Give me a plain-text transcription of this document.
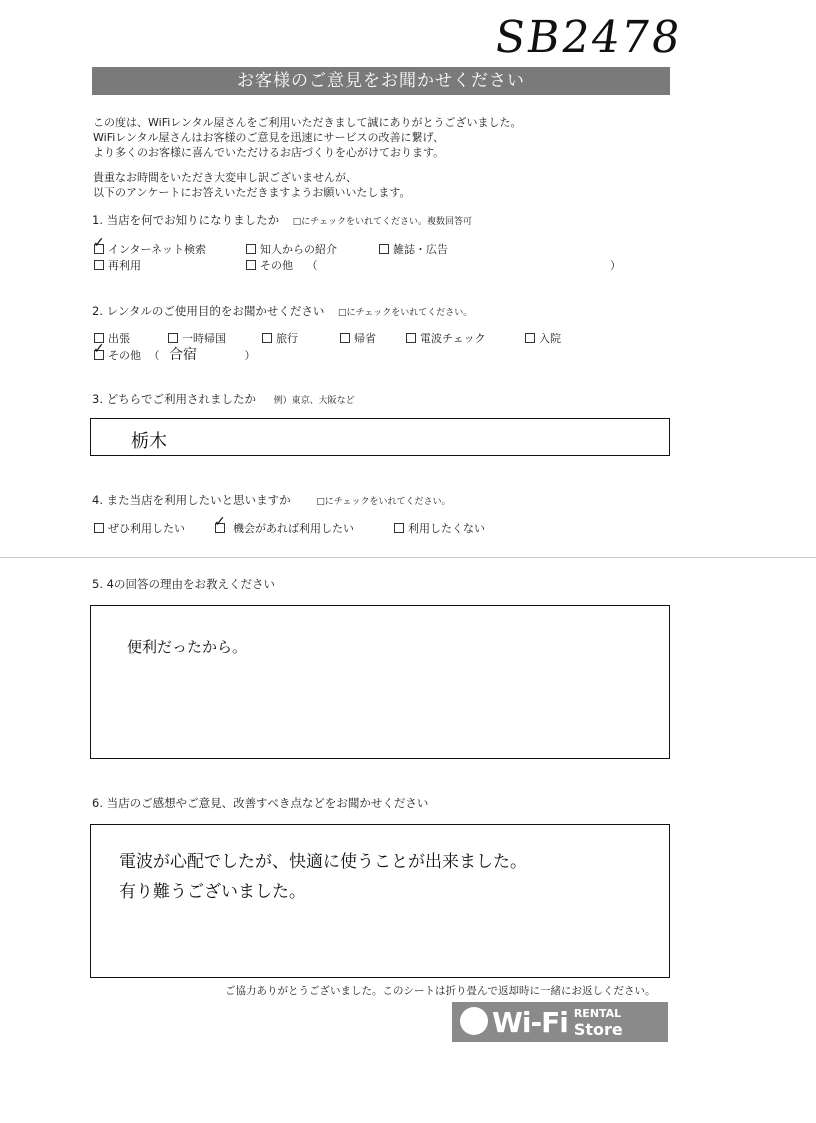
SB2478
お客様のご意見をお聞かせください
この度は、WiFiレンタル屋さんをご利用いただきまして誠にありがとうございました。
WiFiレンタル屋さんはお客様のご意見を迅速にサービスの改善に繋げ、
より多くのお客様に喜んでいただけるお店づくりを心がけております。
貴重なお時間をいただき大変申し訳ございませんが、
以下のアンケートにお答えいただきますようお願いいたします。
1. 当店を何でお知りになりましたか □にチェックをいれてください。複数回答可
✓ インターネット検索	知人からの紹介	雑誌・広告
再利用	その他 （	）
2. レンタルのご使用目的をお聞かせください □にチェックをいれてください。
出張	一時帰国	旅行	帰省	電波チェック	入院
✓ その他 （ 合宿	）
3. どちらでご利用されましたか 例）東京、大阪など
栃木
4. また当店を利用したいと思いますか	□にチェックをいれてください。
ぜひ利用したい ✓ 機会があれば利用したい	利用したくない
5. 4の回答の理由をお教えください
便利だったから。
6. 当店のご感想やご意見、改善すべき点などをお聞かせください
電波が心配でしたが、快適に使うことが出来ました。
有り難うございました。
ご協力ありがとうございました。このシートは折り畳んで返却時に一緒にお返しください。
Wi-Fi RENTAL
Store
